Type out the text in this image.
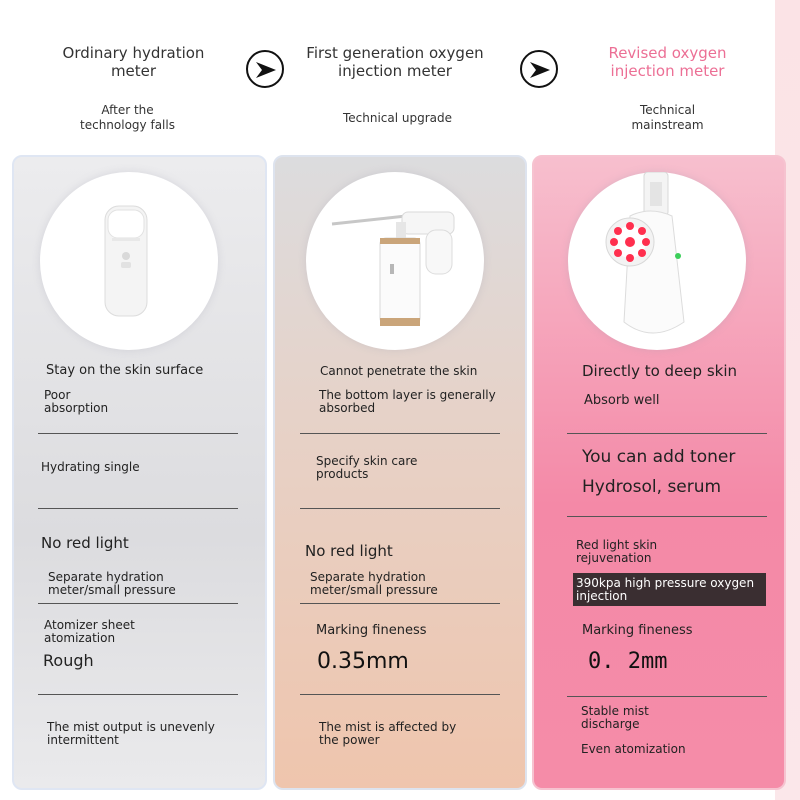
Ordinary hydration meter
First generation oxygen injection meter
Revised oxygen injection meter
After the technology falls	Technical upgrade
Technical mainstream
Stay on the skin surface
Poor absorption
Hydrating single
No red light
Separate hydration meter/small pressure
Atomizer sheet atomization
Rough
The mist output is unevenly intermittent
Cannot penetrate the skin
The bottom layer is generally absorbed
Specify skin care products
No red light
Separate hydration meter/small pressure
Marking fineness
0.35mm
The mist is affected by the power
Directly to deep skin
Absorb well
You can add toner
Hydrosol, serum
Red light skin rejuvenation
390kpa high pressure oxygen injection
Marking fineness
0. 2mm
Stable mist discharge
Even atomization
